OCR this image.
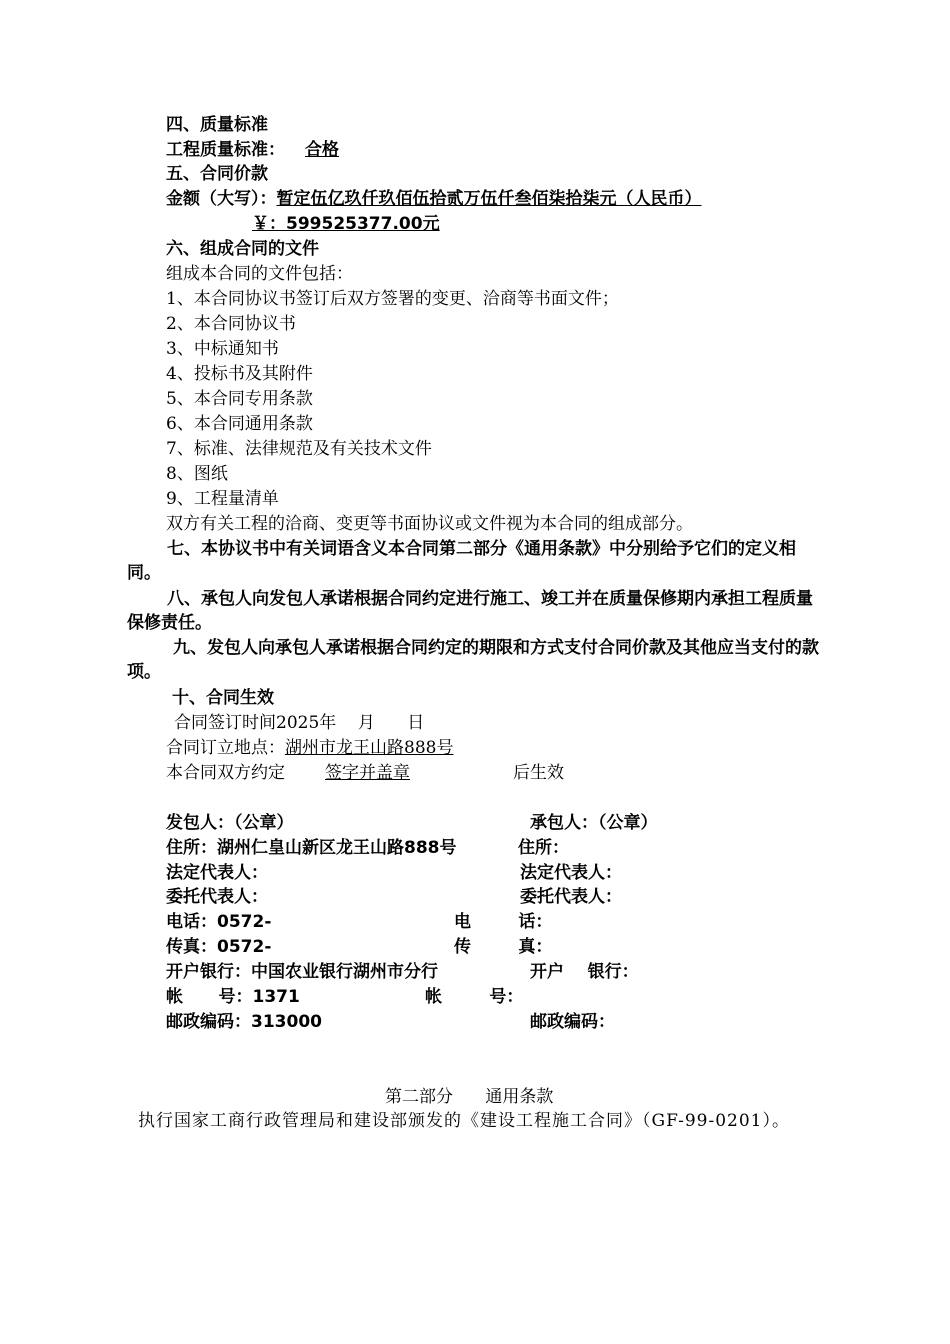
四、质量标准
工程质量标准： 合格
五、合同价款
金额（大写）：暂定伍亿玖仟玖佰伍拾贰万伍仟叁佰柒拾柒元（人民币）
￥：599525377.00元
六、组成合同的文件
组成本合同的文件包括：
1、本合同协议书签订后双方签署的变更、洽商等书面文件；
2、本合同协议书
3、中标通知书
4、投标书及其附件
5、本合同专用条款
6、本合同通用条款
7、标准、法律规范及有关技术文件
8、图纸
9、工程量清单
双方有关工程的洽商、变更等书面协议或文件视为本合同的组成部分。
七、本协议书中有关词语含义本合同第二部分《通用条款》中分别给予它们的定义相同。
八、承包人向发包人承诺根据合同约定进行施工、竣工并在质量保修期内承担工程质量保修责任。
九、发包人向承包人承诺根据合同约定的期限和方式支付合同价款及其他应当支付的款项。
十、合同生效
合同签订时间2025年    月      日
合同订立地点：湖州市龙王山路888号
本合同双方约定 签字并盖章	后生效
发包人：（公章）
住所：湖州仁皇山新区龙王山路888号
法定代表人：
委托代表人：
电话：0572-
传真：0572-
开户银行：中国农业银行湖州市分行
帐      号：1371
邮政编码：313000
承包人：（公章）
住所：
法定代表人：
委托代表人：
电        话：
传        真：
开户    银行：
帐        号：
邮政编码：
第二部分      通用条款
执行国家工商行政管理局和建设部颁发的《建设工程施工合同》（GF-99-0201）。
